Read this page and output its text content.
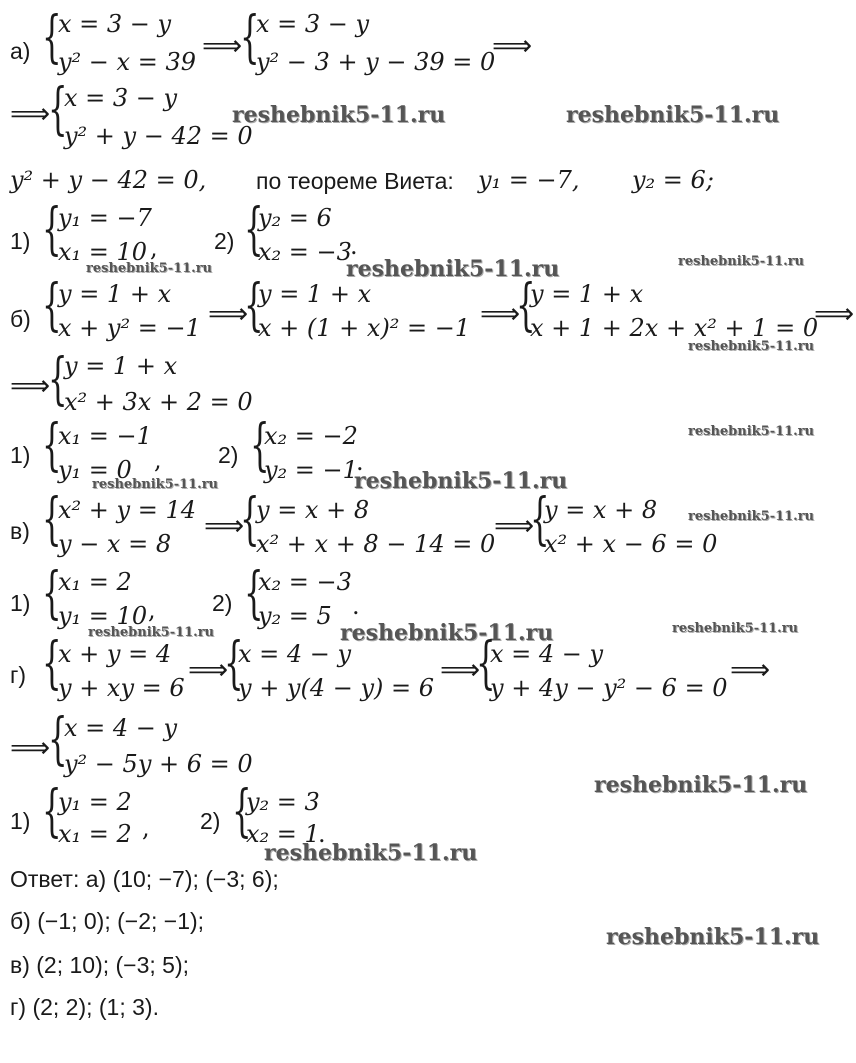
а) {
x = 3 − y
y² − x = 39 ⟹
{
x = 3 − y
y² − 3 + y − 39 = 0
⟹
⟹
{
x = 3 − y
y² + y − 42 = 0
reshebnik5-11.ru	reshebnik5-11.ru
y² + y − 42 = 0, по теореме Виета: y₁ = −7, y₂ = 6;
1) {
y₁ = −7
x₁ = 10 , 2) {
y₂ = 6
x₂ = −3
.
reshebnik5-11.ru	reshebnik5-11.ru	reshebnik5-11.ru
б) {
y = 1 + x
x + y² = −1 ⟹
{
y = 1 + x
x + (1 + x)² = −1 ⟹
{
y = 1 + x
x + 1 + 2x + x² + 1 = 0
⟹
reshebnik5-11.ru
⟹
{
y = 1 + x
x² + 3x + 2 = 0
1) {
x₁ = −1
y₁ = 0 , 2) {
x₂ = −2
y₂ = −1
.
reshebnik5-11.ru
reshebnik5-11.ru
reshebnik5-11.ru
в) {
x² + y = 14
y − x = 8
⟹
{
y = x + 8
x² + x + 8 − 14 = 0
⟹
{
y = x + 8
x² + x − 6 = 0
reshebnik5-11.ru
1) {
x₁ = 2
y₁ = 10 , 2) {
x₂ = −3
y₂ = 5 .
reshebnik5-11.ru	reshebnik5-11.ru	reshebnik5-11.ru
г) {
x + y = 4
y + xy = 6
⟹
{
x = 4 − y
y + y(4 − y) = 6
⟹
{
x = 4 − y
y + 4y − y² − 6 = 0
⟹
⟹
{
x = 4 − y
y² − 5y + 6 = 0
reshebnik5-11.ru
1) {
y₁ = 2
x₁ = 2 , 2) {
y₂ = 3
x₂ = 1
.
reshebnik5-11.ru
Ответ: а) (10; −7); (−3; 6);
б) (−1; 0); (−2; −1);
reshebnik5-11.ru
в) (2; 10); (−3; 5);
г) (2; 2); (1; 3).
